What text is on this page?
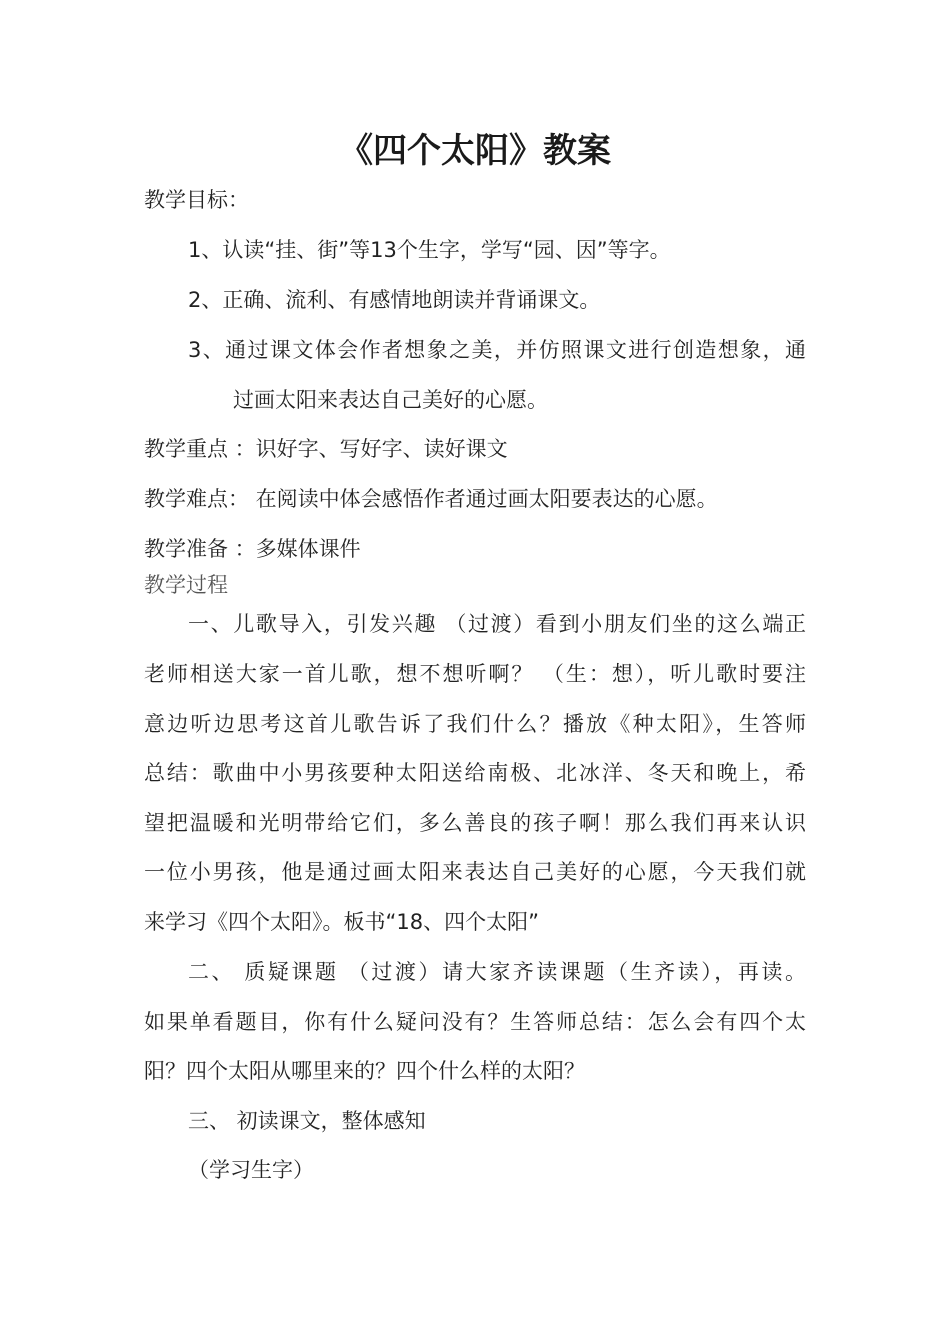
《四个太阳》教案
教学目标：
1、认读“挂、街”等13个生字，学写“园、因”等字。
2、正确、流利、有感情地朗读并背诵课文。
3、通过课文体会作者想象之美，并仿照课文进行创造想象，通
过画太阳来表达自己美好的心愿。
教学重点 ：识好字、写好字、读好课文
教学难点： 在阅读中体会感悟作者通过画太阳要表达的心愿。
教学准备 ：多媒体课件
教学过程
一、儿歌导入，引发兴趣 （过渡）看到小朋友们坐的这么端正
老师相送大家一首儿歌，想不想听啊？ （生：想），听儿歌时要注
意边听边思考这首儿歌告诉了我们什么？播放《种太阳》，生答师
总结：歌曲中小男孩要种太阳送给南极、北冰洋、冬天和晚上，希
望把温暖和光明带给它们，多么善良的孩子啊！那么我们再来认识
一位小男孩，他是通过画太阳来表达自己美好的心愿，今天我们就
来学习《四个太阳》。板书“18、四个太阳”
二、 质疑课题 （过渡）请大家齐读课题（生齐读），再读。
如果单看题目，你有什么疑问没有？生答师总结：怎么会有四个太
阳？四个太阳从哪里来的？四个什么样的太阳？
三、 初读课文，整体感知
（学习生字）
